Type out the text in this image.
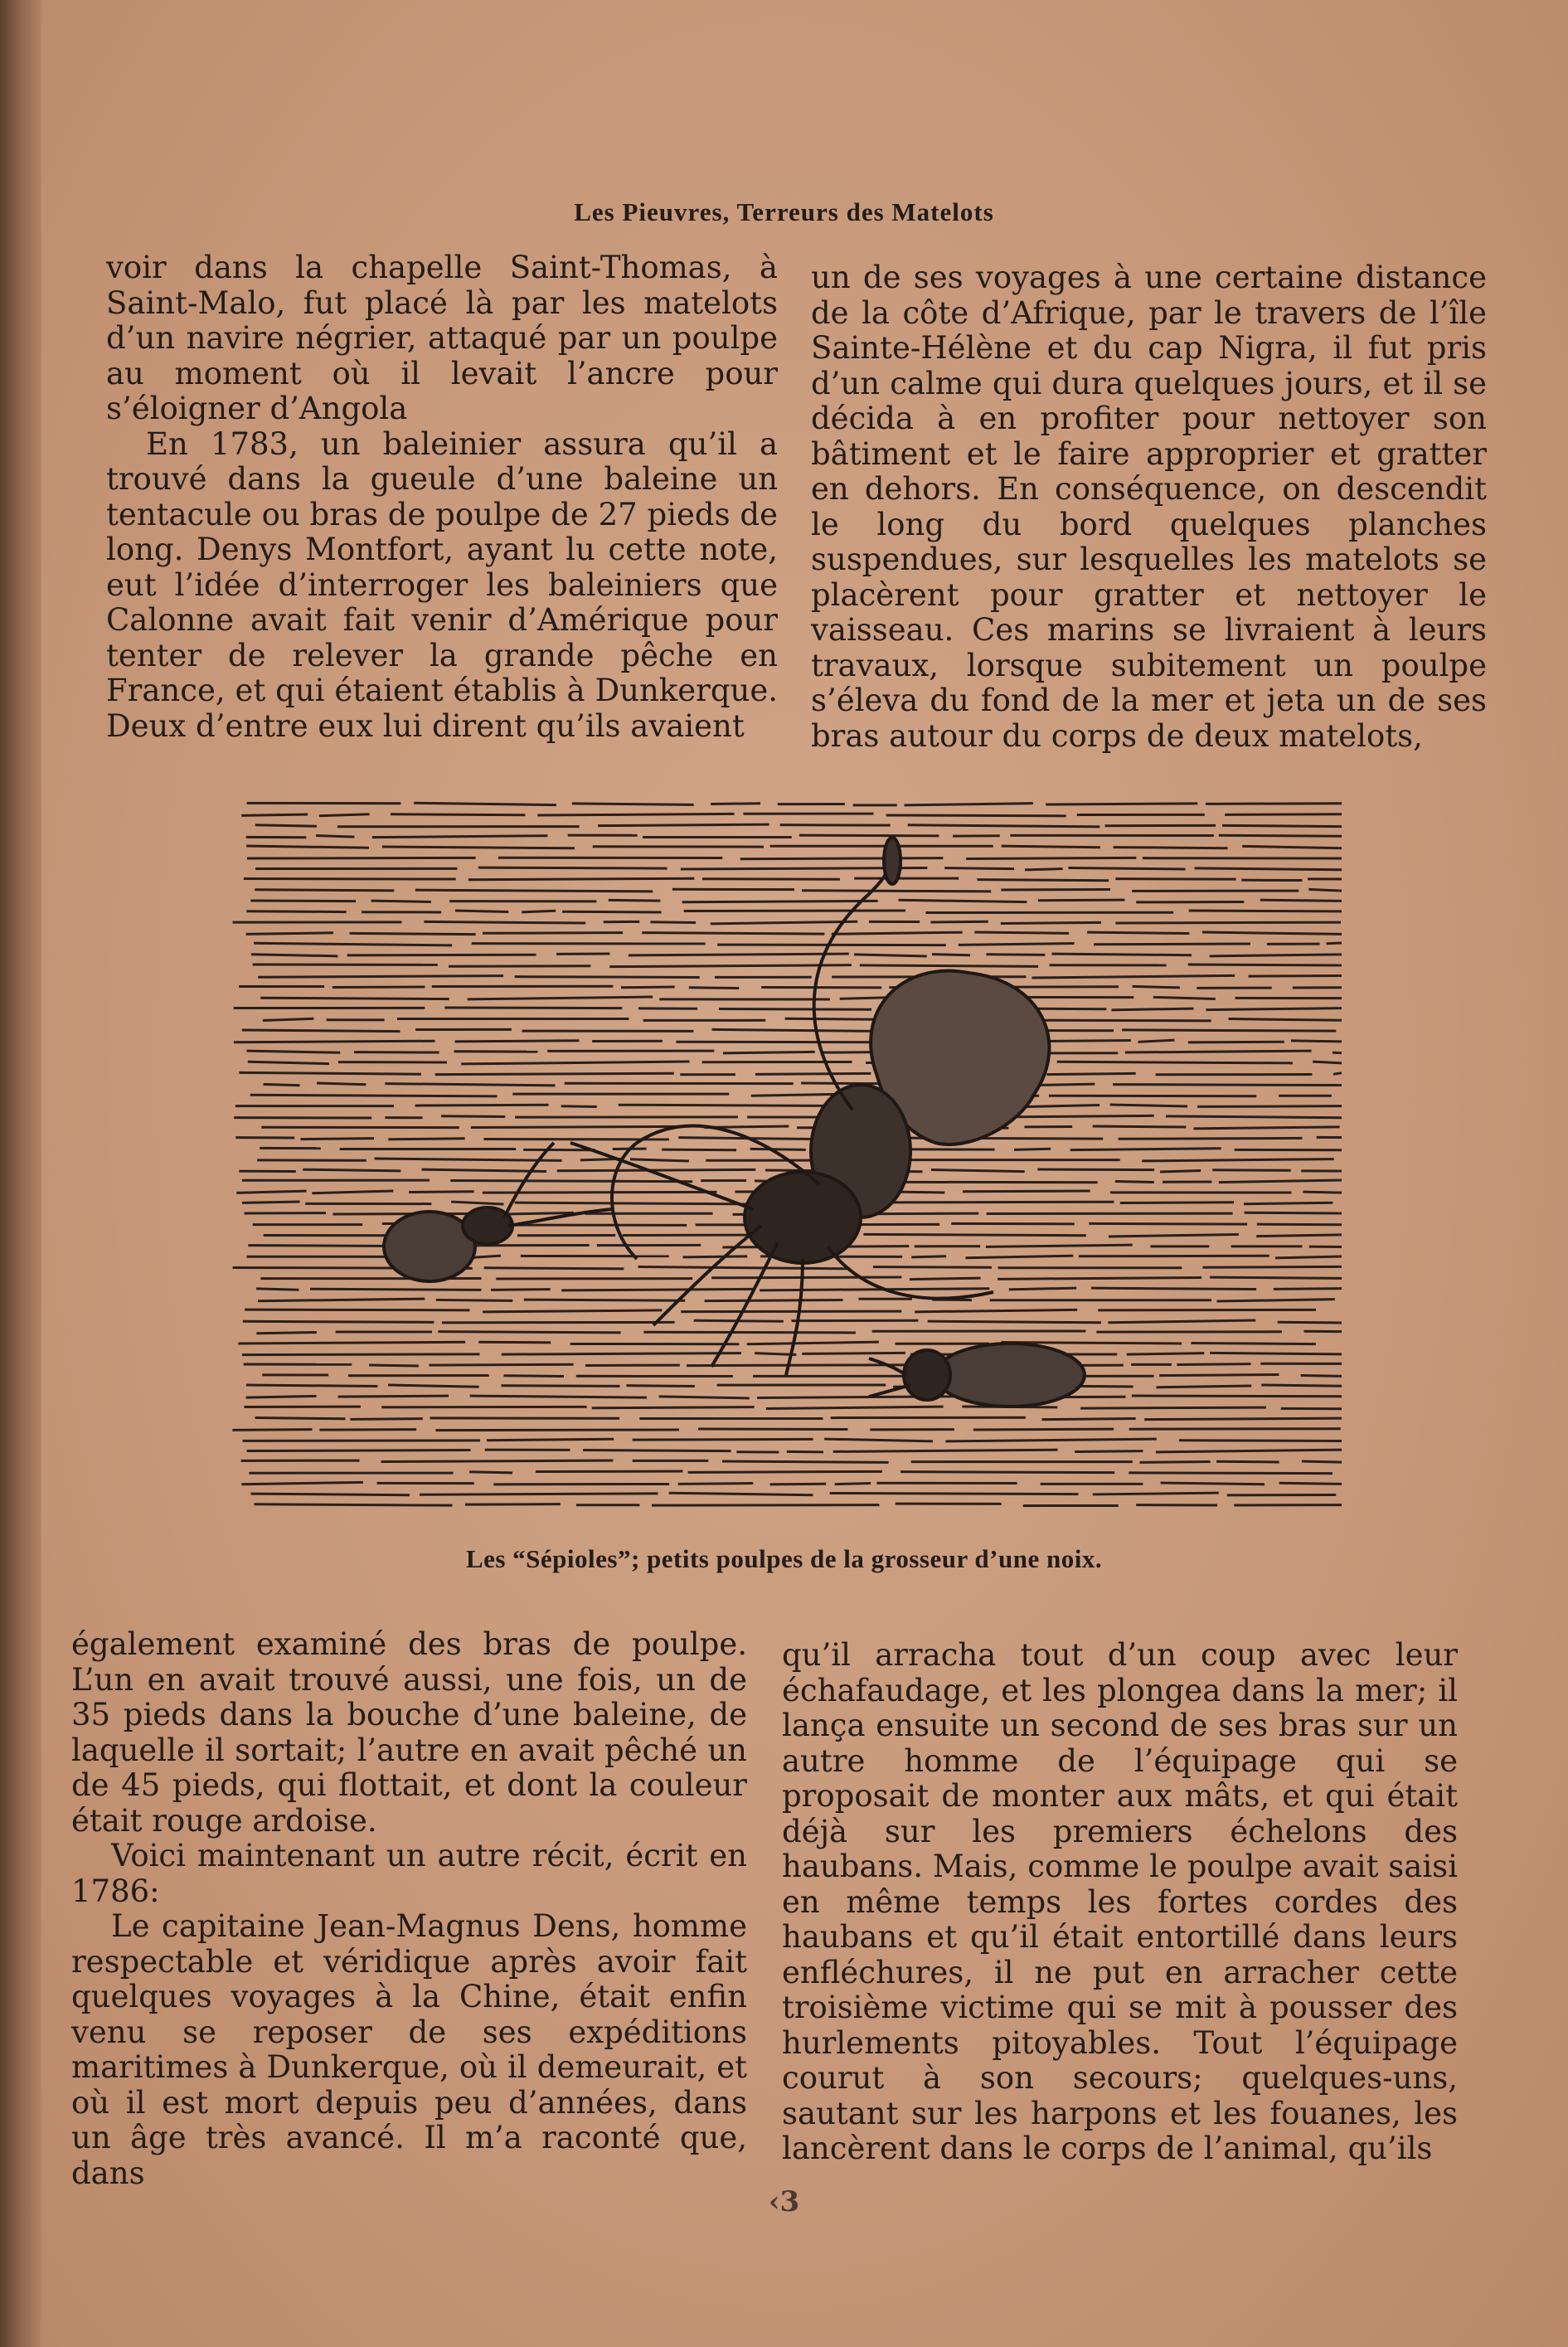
Les Pieuvres, Terreurs des Matelots

voir dans la chapelle Saint-Thomas, à Saint-Malo, fut placé là par les matelots d’un navire négrier, attaqué par un poulpe au moment où il levait l’ancre pour s’éloigner d’Angola

En 1783, un baleinier assura qu’il a trouvé dans la gueule d’une baleine un tentacule ou bras de poulpe de 27 pieds de long. Denys Montfort, ayant lu cette note, eut l’idée d’interroger les baleiniers que Calonne avait fait venir d’Amérique pour tenter de relever la grande pêche en France, et qui étaient établis à Dunkerque. Deux d’entre eux lui dirent qu’ils avaient

un de ses voyages à une certaine distance de la côte d’Afrique, par le travers de l’île Sainte-Hélène et du cap Nigra, il fut pris d’un calme qui dura quelques jours, et il se décida à en profiter pour nettoyer son bâtiment et le faire approprier et gratter en dehors. En conséquence, on descendit le long du bord quelques planches suspendues, sur lesquelles les matelots se placèrent pour gratter et nettoyer le vaisseau. Ces marins se livraient à leurs travaux, lorsque subitement un poulpe s’éleva du fond de la mer et jeta un de ses bras autour du corps de deux matelots,

Les “Sépioles”; petits poulpes de la grosseur d’une noix.

également examiné des bras de poulpe. L’un en avait trouvé aussi, une fois, un de 35 pieds dans la bouche d’une baleine, de laquelle il sortait; l’autre en avait pêché un de 45 pieds, qui flottait, et dont la couleur était rouge ardoise.

Voici maintenant un autre récit, écrit en 1786:

Le capitaine Jean-Magnus Dens, homme respectable et véridique après avoir fait quelques voyages à la Chine, était enfin venu se reposer de ses expéditions maritimes à Dunkerque, où il demeurait, et où il est mort depuis peu d’années, dans un âge très avancé. Il m’a raconté que, dans

qu’il arracha tout d’un coup avec leur échafaudage, et les plongea dans la mer; il lança ensuite un second de ses bras sur un autre homme de l’équipage qui se proposait de monter aux mâts, et qui était déjà sur les premiers échelons des haubans. Mais, comme le poulpe avait saisi en même temps les fortes cordes des haubans et qu’il était entortillé dans leurs enfléchures, il ne put en arracher cette troisième victime qui se mit à pousser des hurlements pitoyables. Tout l’équipage courut à son secours; quelques-uns, sautant sur les harpons et les fouanes, les lancèrent dans le corps de l’animal, qu’ils

‹3
